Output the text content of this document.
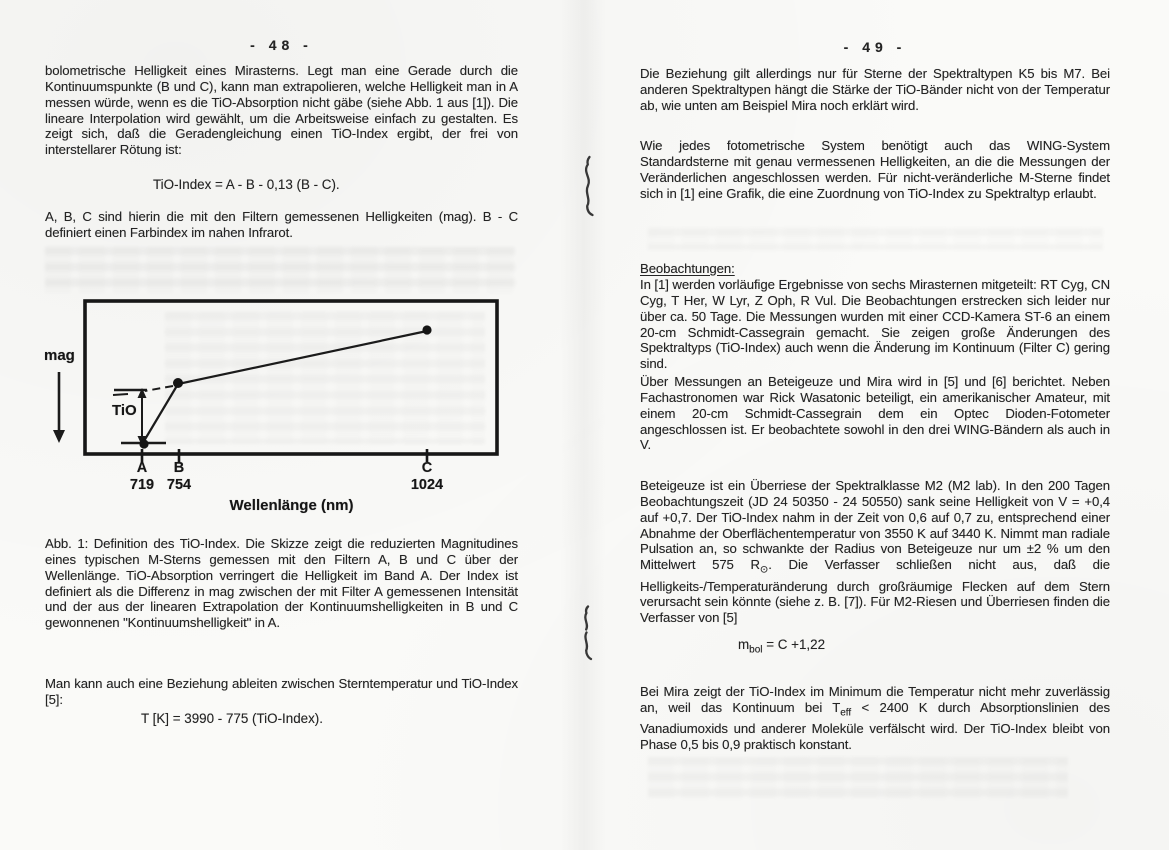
- 48 -

bolometrische Helligkeit eines Mirasterns. Legt man eine Gerade durch die Kontinuumspunkte (B und C), kann man extrapolieren, welche Helligkeit man in A messen würde, wenn es die TiO-Absorption nicht gäbe (siehe Abb. 1 aus [1]). Die lineare Interpolation wird gewählt, um die Arbeitsweise einfach zu gestalten. Es zeigt sich, daß die Geradengleichung einen TiO-Index ergibt, der frei von interstellarer Rötung ist:

TiO-Index = A - B - 0,13 (B - C).

A, B, C sind hierin die mit den Filtern gemessenen Helligkeiten (mag). B - C definiert einen Farbindex im nahen Infrarot.

mag
TiO
A	B	C
719 754	1024
Wellenlänge (nm)

Abb. 1: Definition des TiO-Index. Die Skizze zeigt die reduzierten Magnitudines eines typischen M-Sterns gemessen mit den Filtern A, B und C über der Wellenlänge. TiO-Absorption verringert die Helligkeit im Band A. Der Index ist definiert als die Differenz in mag zwischen der mit Filter A gemessenen Intensität und der aus der linearen Extrapolation der Kontinuumshelligkeiten in B und C gewonnenen "Kontinuumshelligkeit" in A.

Man kann auch eine Beziehung ableiten zwischen Sterntemperatur und TiO-Index [5]:

T [K] = 3990 - 775 (TiO-Index).

- 49 -

Die Beziehung gilt allerdings nur für Sterne der Spektraltypen K5 bis M7. Bei anderen Spektraltypen hängt die Stärke der TiO-Bänder nicht von der Temperatur ab, wie unten am Beispiel Mira noch erklärt wird.

Wie jedes fotometrische System benötigt auch das WING-System Standardsterne mit genau vermessenen Helligkeiten, an die die Messungen der Veränderlichen angeschlossen werden. Für nicht-veränderliche M-Sterne findet sich in [1] eine Grafik, die eine Zuordnung von TiO-Index zu Spektraltyp erlaubt.

Beobachtungen:

In [1] werden vorläufige Ergebnisse von sechs Mirasternen mitgeteilt: RT Cyg, CN Cyg, T Her, W Lyr, Z Oph, R Vul. Die Beobachtungen erstrecken sich leider nur über ca. 50 Tage. Die Messungen wurden mit einer CCD-Kamera ST-6 an einem 20-cm Schmidt-Cassegrain gemacht. Sie zeigen große Änderungen des Spektraltyps (TiO-Index) auch wenn die Änderung im Kontinuum (Filter C) gering sind.

Über Messungen an Beteigeuze und Mira wird in [5] und [6] berichtet. Neben Fachastronomen war Rick Wasatonic beteiligt, ein amerikanischer Amateur, mit einem 20-cm Schmidt-Cassegrain dem ein Optec Dioden-Fotometer angeschlossen ist. Er beobachtete sowohl in den drei WING-Bändern als auch in V.

Beteigeuze ist ein Überriese der Spektralklasse M2 (M2 lab). In den 200 Tagen Beobachtungszeit (JD 24 50350 - 24 50550) sank seine Helligkeit von V = +0,4 auf +0,7. Der TiO-Index nahm in der Zeit von 0,6 auf 0,7 zu, entsprechend einer Abnahme der Oberflächentemperatur von 3550 K auf 3440 K. Nimmt man radiale Pulsation an, so schwankte der Radius von Beteigeuze nur um ±2 % um den Mittelwert 575 $R_⊙$. Die Verfasser schließen nicht aus, daß die Helligkeits-/Temperaturänderung durch großräumige Flecken auf dem Stern verursacht sein könnte (siehe z. B. [7]). Für M2-Riesen und Überriesen finden die Verfasser von [5]

$m_{bol} = C +1,22$

Bei Mira zeigt der TiO-Index im Minimum die Temperatur nicht mehr zuverlässig an, weil das Kontinuum bei $T_{eff} < 2400$ K durch Absorptionslinien des Vanadiumoxids und anderer Moleküle verfälscht wird. Der TiO-Index bleibt von Phase 0,5 bis 0,9 praktisch konstant.
